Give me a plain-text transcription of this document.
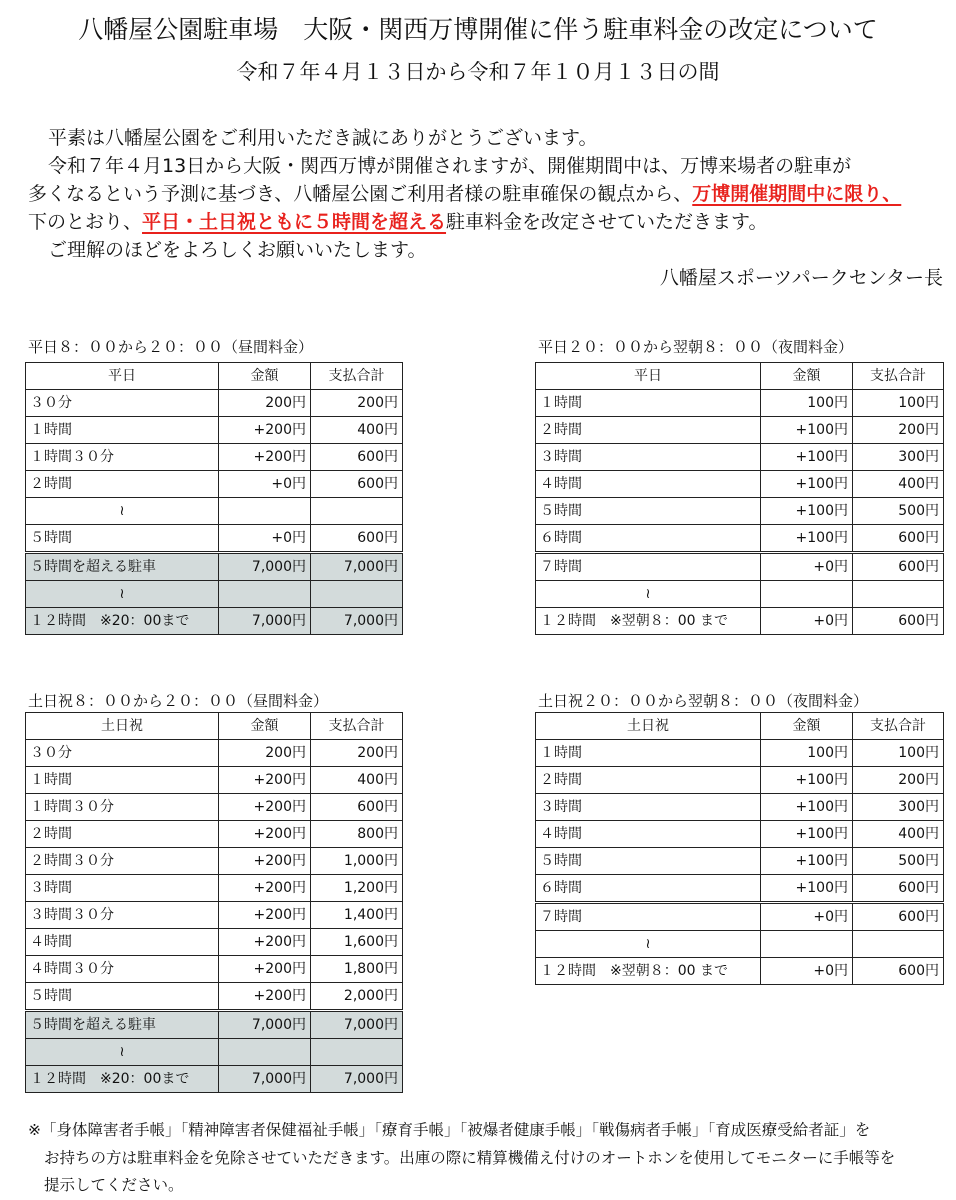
八幡屋公園駐車場　大阪・関西万博開催に伴う駐車料金の改定について
令和７年４月１３日から令和７年１０月１３日の間
平素は八幡屋公園をご利用いただき誠にありがとうございます。
令和７年４月13日から大阪・関西万博が開催されますが、開催期間中は、万博来場者の駐車が
多くなるという予測に基づき、八幡屋公園ご利用者様の駐車確保の観点から、万博開催期間中に限り、
下のとおり、平日・土日祝ともに５時間を超える駐車料金を改定させていただきます。
ご理解のほどをよろしくお願いいたします。
八幡屋スポーツパークセンター長
平日８：００から２０：００（昼間料金）
平日	金額	支払合計
３０分	200円	200円
１時間	+200円	400円
１時間３０分	+200円	600円
２時間	+0円	600円
≀		
５時間	+0円	600円
５時間を超える駐車	7,000円	7,000円
≀		
１２時間　※20：00まで	7,000円	7,000円
平日２０：００から翌朝８：００（夜間料金）
平日	金額	支払合計
１時間	100円	100円
２時間	+100円	200円
３時間	+100円	300円
４時間	+100円	400円
５時間	+100円	500円
６時間	+100円	600円
７時間	+0円	600円
≀		
１２時間　※翌朝８：00 まで	+0円	600円
土日祝８：００から２０：００（昼間料金）
土日祝	金額	支払合計
３０分	200円	200円
１時間	+200円	400円
１時間３０分	+200円	600円
２時間	+200円	800円
２時間３０分	+200円	1,000円
３時間	+200円	1,200円
３時間３０分	+200円	1,400円
４時間	+200円	1,600円
４時間３０分	+200円	1,800円
５時間	+200円	2,000円
５時間を超える駐車	7,000円	7,000円
≀		
１２時間　※20：00まで	7,000円	7,000円
土日祝２０：００から翌朝８：００（夜間料金）
土日祝	金額	支払合計
１時間	100円	100円
２時間	+100円	200円
３時間	+100円	300円
４時間	+100円	400円
５時間	+100円	500円
６時間	+100円	600円
７時間	+0円	600円
≀		
１２時間　※翌朝８：00 まで	+0円	600円
※「身体障害者手帳」「精神障害者保健福祉手帳」「療育手帳」「被爆者健康手帳」「戦傷病者手帳」「育成医療受給者証」を
お持ちの方は駐車料金を免除させていただきます。出庫の際に精算機備え付けのオートホンを使用してモニターに手帳等を
提示してください。
